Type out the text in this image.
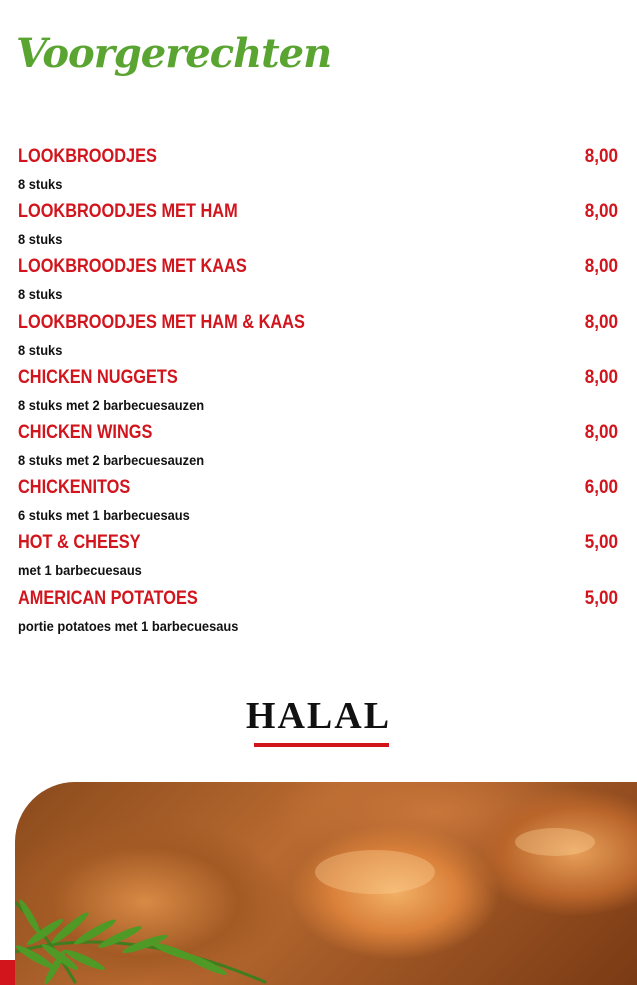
Voorgerechten
LOOKBROODJES	8,00
8 stuks
LOOKBROODJES MET HAM	8,00
8 stuks
LOOKBROODJES MET KAAS	8,00
8 stuks
LOOKBROODJES MET HAM & KAAS	8,00
8 stuks
CHICKEN NUGGETS	8,00
8 stuks met 2 barbecuesauzen
CHICKEN WINGS	8,00
8 stuks met 2 barbecuesauzen
CHICKENITOS	6,00
6 stuks met 1 barbecuesaus
HOT & CHEESY	5,00
met 1 barbecuesaus
AMERICAN POTATOES	5,00
portie potatoes met 1 barbecuesaus
HALAL
